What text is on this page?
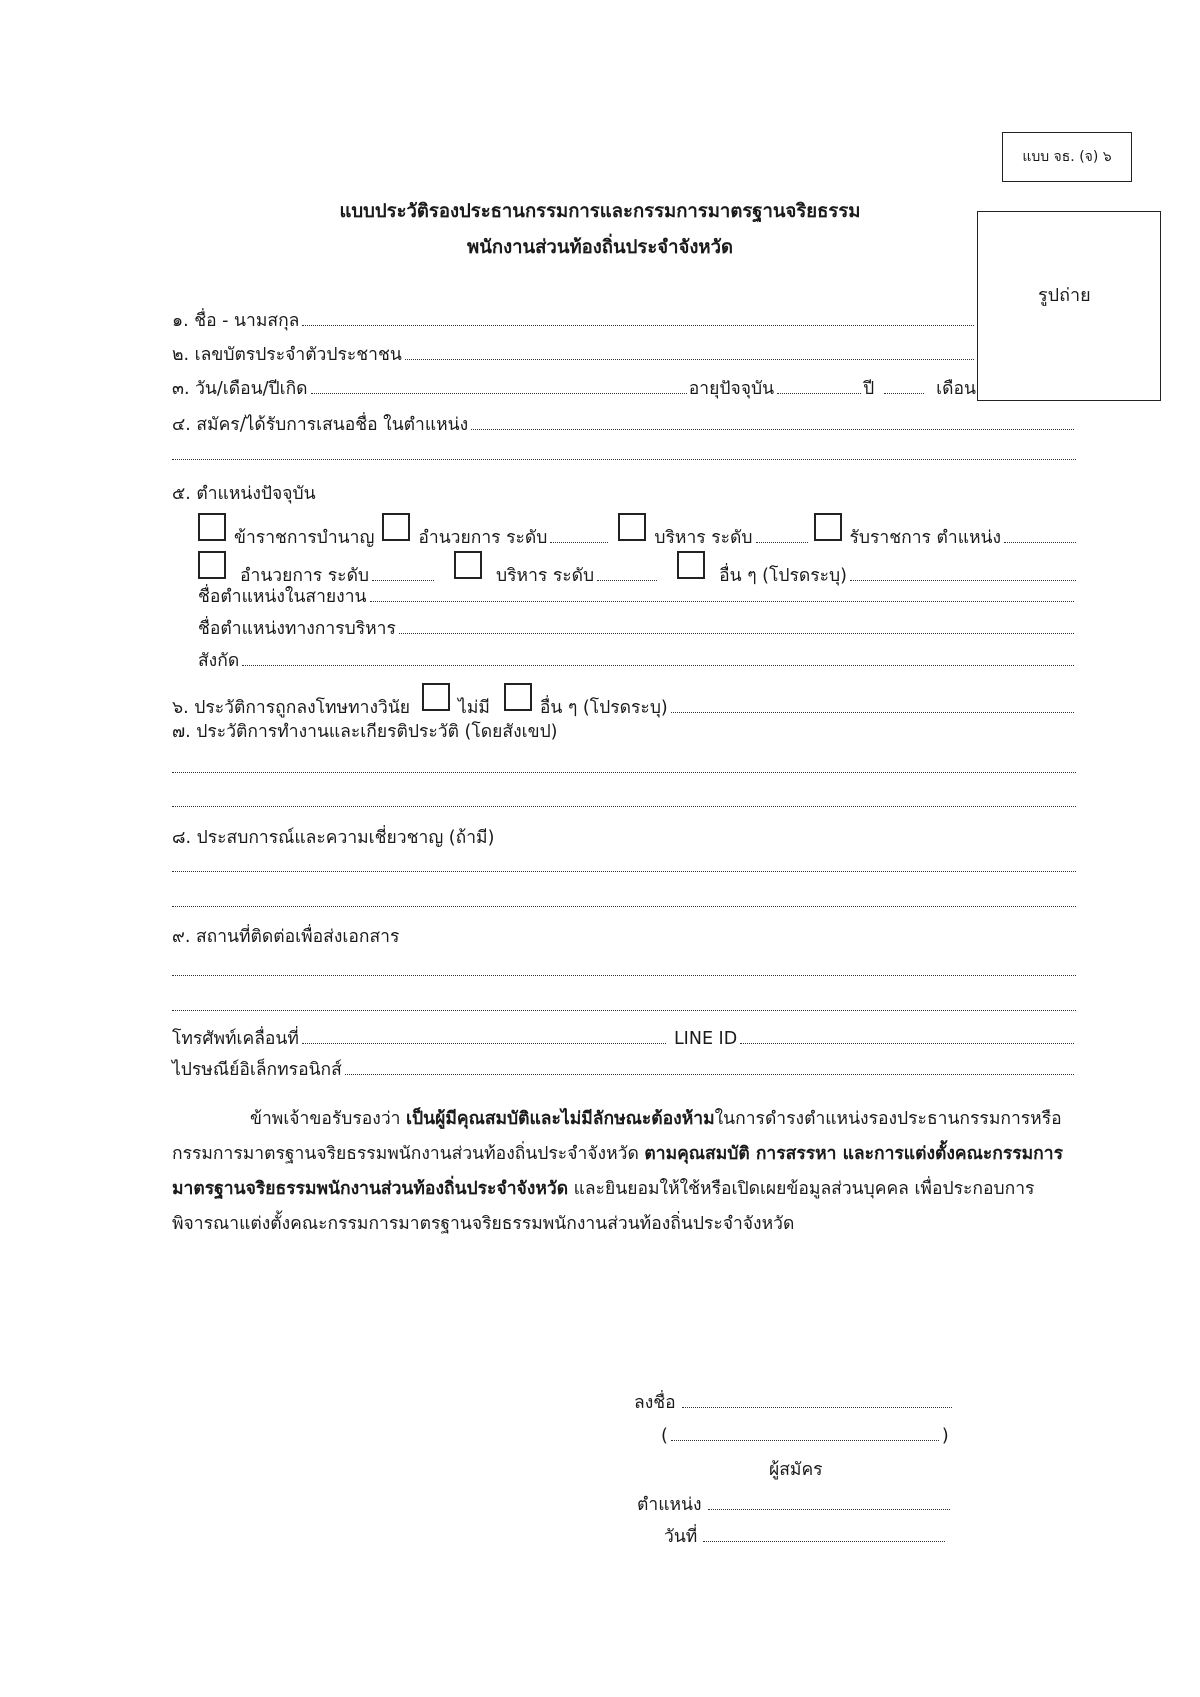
แบบ จธ. (จ) ๖
แบบประวัติรองประธานกรรมการและกรรมการมาตรฐานจริยธรรม
พนักงานส่วนท้องถิ่นประจำจังหวัด
๑. ชื่อ - นามสกุล
๒. เลขบัตรประจำตัวประชาชน
๓. วัน/เดือน/ปีเกิด	อายุปัจจุบัน	ปี	เดือน
รูปถ่าย
๔. สมัคร/ได้รับการเสนอชื่อ ในตำแหน่ง
๕. ตำแหน่งปัจจุบัน
ข้าราชการบำนาญ	อำนวยการ ระดับ	บริหาร ระดับ	รับราชการ ตำแหน่ง
อำนวยการ ระดับ	บริหาร ระดับ	อื่น ๆ (โปรดระบุ)
ชื่อตำแหน่งในสายงาน
ชื่อตำแหน่งทางการบริหาร
สังกัด
๖. ประวัติการถูกลงโทษทางวินัย	ไม่มี	อื่น ๆ (โปรดระบุ)
๗. ประวัติการทำงานและเกียรติประวัติ (โดยสังเขป)
๘. ประสบการณ์และความเชี่ยวชาญ (ถ้ามี)
๙. สถานที่ติดต่อเพื่อส่งเอกสาร
โทรศัพท์เคลื่อนที่	LINE ID
ไปรษณีย์อิเล็กทรอนิกส์
ข้าพเจ้าขอรับรองว่า เป็นผู้มีคุณสมบัติและไม่มีลักษณะต้องห้ามในการดำรงตำแหน่งรองประธานกรรมการหรือกรรมการมาตรฐานจริยธรรมพนักงานส่วนท้องถิ่นประจำจังหวัด ตามคุณสมบัติ การสรรหา และการแต่งตั้งคณะกรรมการมาตรฐานจริยธรรมพนักงานส่วนท้องถิ่นประจำจังหวัด และยินยอมให้ใช้หรือเปิดเผยข้อมูลส่วนบุคคล เพื่อประกอบการพิจารณาแต่งตั้งคณะกรรมการมาตรฐานจริยธรรมพนักงานส่วนท้องถิ่นประจำจังหวัด
ลงชื่อ
(	)
ผู้สมัคร
ตำแหน่ง
วันที่
